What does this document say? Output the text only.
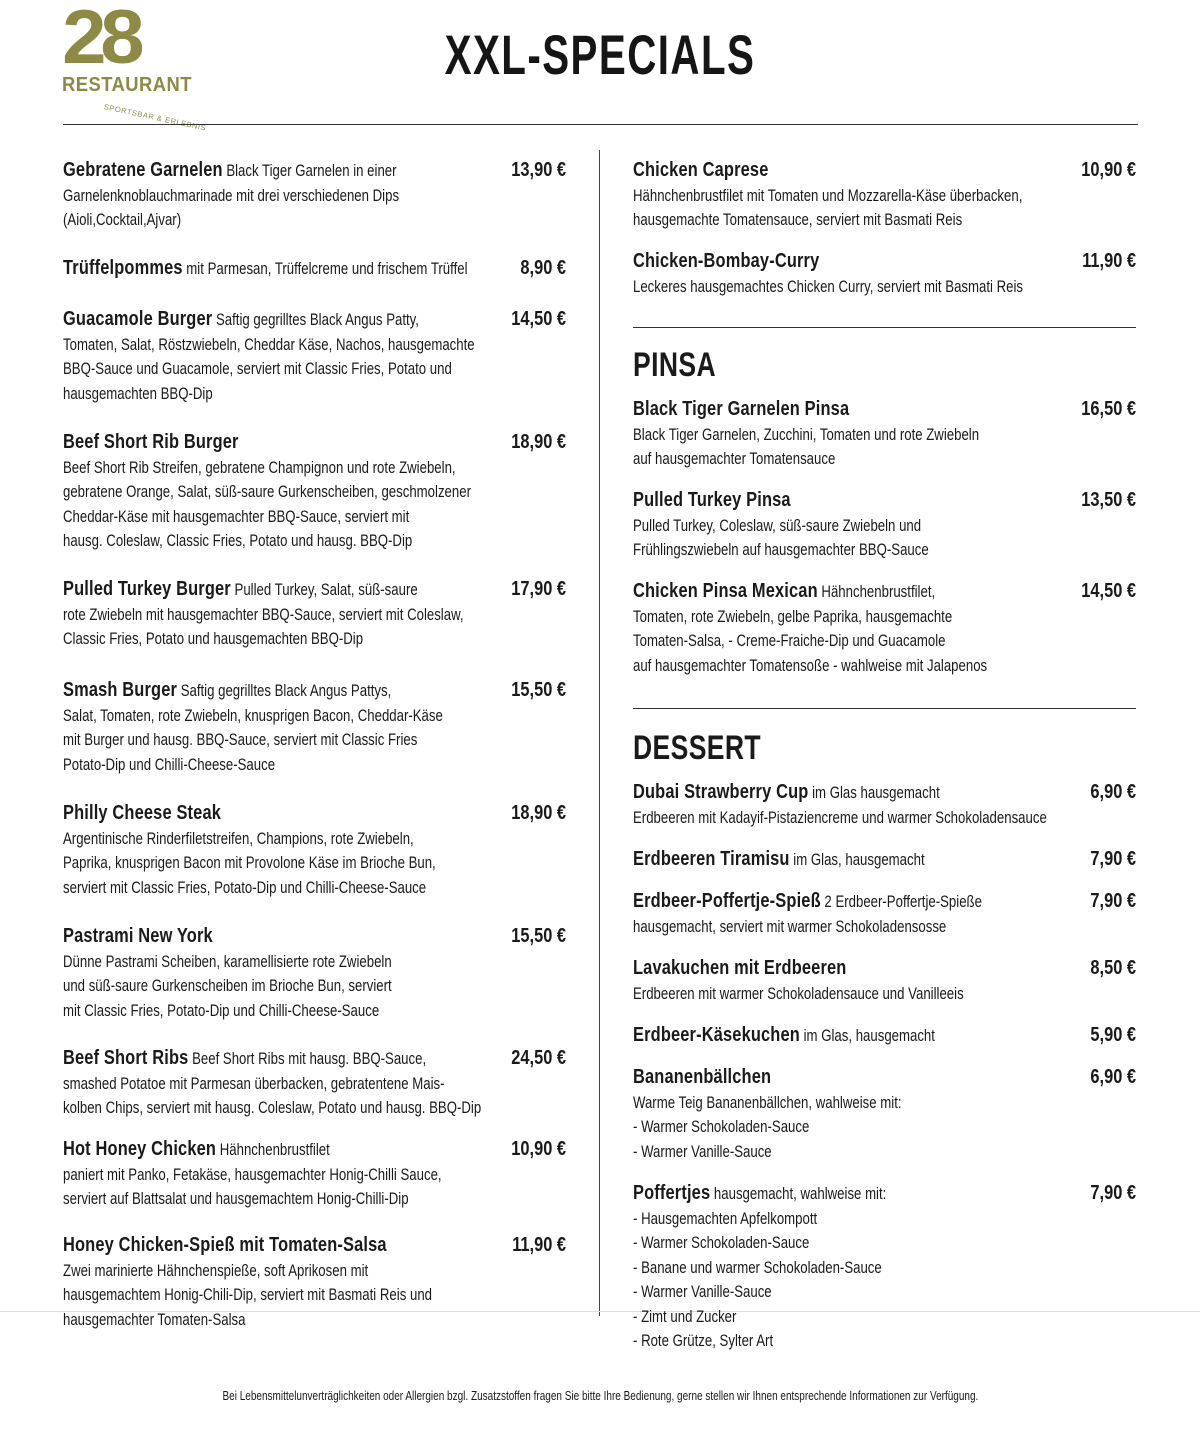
28
RESTAURANT
SPORTSBAR & ERLEBNIS
XXL-SPECIALS
Gebratene Garnelen Black Tiger Garnelen in einer
Garnelenknoblauchmarinade mit drei verschiedenen Dips
(Aioli,Cocktail,Ajvar)
13,90 €
Trüffelpommes mit Parmesan, Trüffelcreme und frischem Trüffel	8,90 €
Guacamole Burger Saftig gegrilltes Black Angus Patty,
Tomaten, Salat, Röstzwiebeln, Cheddar Käse, Nachos, hausgemachte
BBQ-Sauce und Guacamole, serviert mit Classic Fries, Potato und
hausgemachten BBQ-Dip
14,50 €
Beef Short Rib Burger
Beef Short Rib Streifen, gebratene Champignon und rote Zwiebeln,
gebratene Orange, Salat, süß-saure Gurkenscheiben, geschmolzener
Cheddar-Käse mit hausgemachter BBQ-Sauce, serviert mit
hausg. Coleslaw, Classic Fries, Potato und hausg. BBQ-Dip
18,90 €
Pulled Turkey Burger Pulled Turkey, Salat, süß-saure
rote Zwiebeln mit hausgemachter BBQ-Sauce, serviert mit Coleslaw,
Classic Fries, Potato und hausgemachten BBQ-Dip
17,90 €
Smash Burger Saftig gegrilltes Black Angus Pattys,
Salat, Tomaten, rote Zwiebeln, knusprigen Bacon, Cheddar-Käse
mit Burger und hausg. BBQ-Sauce, serviert mit Classic Fries
Potato-Dip und Chilli-Cheese-Sauce
15,50 €
Philly Cheese Steak
Argentinische Rinderfiletstreifen, Champions, rote Zwiebeln,
Paprika, knusprigen Bacon mit Provolone Käse im Brioche Bun,
serviert mit Classic Fries, Potato-Dip und Chilli-Cheese-Sauce
18,90 €
Pastrami New York
Dünne Pastrami Scheiben, karamellisierte rote Zwiebeln
und süß-saure Gurkenscheiben im Brioche Bun, serviert
mit Classic Fries, Potato-Dip und Chilli-Cheese-Sauce
15,50 €
Beef Short Ribs Beef Short Ribs mit hausg. BBQ-Sauce,
smashed Potatoe mit Parmesan überbacken, gebratentene Mais-
kolben Chips, serviert mit hausg. Coleslaw, Potato und hausg. BBQ-Dip
24,50 €
Hot Honey Chicken Hähnchenbrustfilet
paniert mit Panko, Fetakäse, hausgemachter Honig-Chilli Sauce,
serviert auf Blattsalat und hausgemachtem Honig-Chilli-Dip
10,90 €
Honey Chicken-Spieß mit Tomaten-Salsa
Zwei marinierte Hähnchenspieße, soft Aprikosen mit
hausgemachtem Honig-Chili-Dip, serviert mit Basmati Reis und
hausgemachter Tomaten-Salsa
11,90 €
Chicken Caprese
Hähnchenbrustfilet mit Tomaten und Mozzarella-Käse überbacken,
hausgemachte Tomatensauce, serviert mit Basmati Reis
10,90 €
Chicken-Bombay-Curry
Leckeres hausgemachtes Chicken Curry, serviert mit Basmati Reis
11,90 €
Black Tiger Garnelen Pinsa
Black Tiger Garnelen, Zucchini, Tomaten und rote Zwiebeln
auf hausgemachter Tomatensauce
16,50 €
Pulled Turkey Pinsa
Pulled Turkey, Coleslaw, süß-saure Zwiebeln und
Frühlingszwiebeln auf hausgemachter BBQ-Sauce
13,50 €
Chicken Pinsa Mexican Hähnchenbrustfilet,
Tomaten, rote Zwiebeln, gelbe Paprika, hausgemachte
Tomaten-Salsa, - Creme-Fraiche-Dip und Guacamole
auf hausgemachter Tomatensoße - wahlweise mit Jalapenos
14,50 €
Dubai Strawberry Cup im Glas hausgemacht
Erdbeeren mit Kadayif-Pistaziencreme und warmer Schokoladensauce
6,90 €
Erdbeeren Tiramisu im Glas, hausgemacht	7,90 €
Erdbeer-Poffertje-Spieß 2 Erdbeer-Poffertje-Spieße
hausgemacht, serviert mit warmer Schokoladensosse
7,90 €
Lavakuchen mit Erdbeeren
Erdbeeren mit warmer Schokoladensauce und Vanilleeis
8,50 €
Erdbeer-Käsekuchen im Glas, hausgemacht	5,90 €
Bananenbällchen
Warme Teig Bananenbällchen, wahlweise mit:
- Warmer Schokoladen-Sauce
- Warmer Vanille-Sauce
6,90 €
Poffertjes hausgemacht, wahlweise mit:
- Hausgemachten Apfelkompott
- Warmer Schokoladen-Sauce
- Banane und warmer Schokoladen-Sauce
- Warmer Vanille-Sauce
- Zimt und Zucker
- Rote Grütze, Sylter Art
7,90 €
PINSA
DESSERT
Bei Lebensmittelunverträglichkeiten oder Allergien bzgl. Zusatzstoffen fragen Sie bitte Ihre Bedienung, gerne stellen wir Ihnen entsprechende Informationen zur Verfügung.
